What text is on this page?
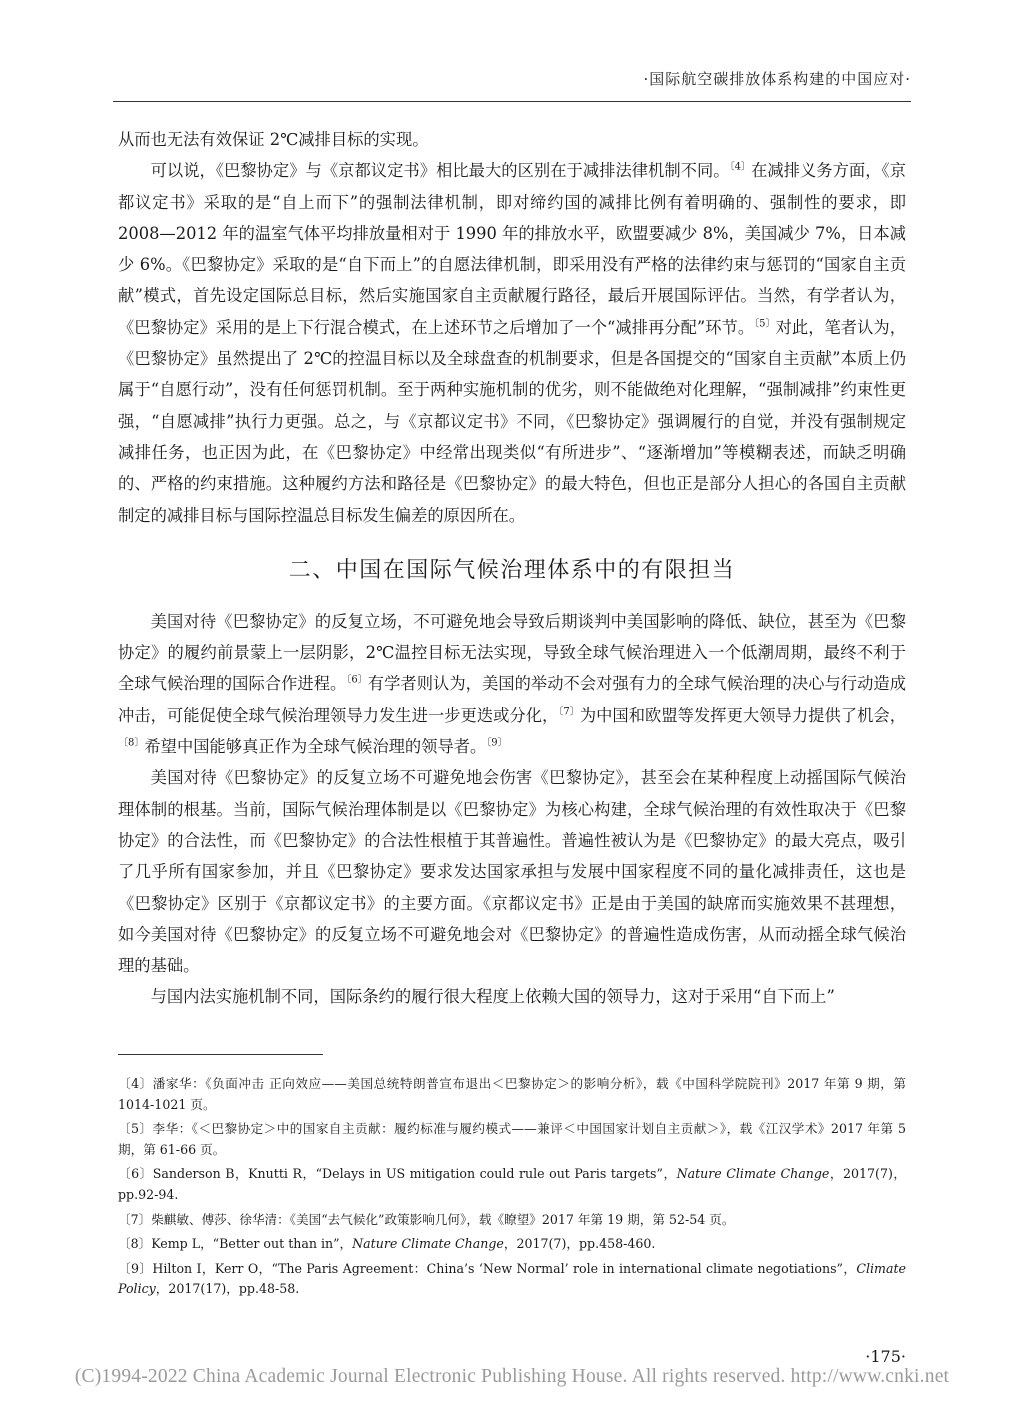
·国际航空碳排放体系构建的中国应对·

从而也无法有效保证 2℃减排目标的实现。

可以说，《巴黎协定》与《京都议定书》相比最大的区别在于减排法律机制不同。$^{〔4〕}$在减排义务方面，《京都议定书》采取的是“自上而下”的强制法律机制，即对缔约国的减排比例有着明确的、强制性的要求，即 2008—2012 年的温室气体平均排放量相对于 1990 年的排放水平，欧盟要减少 8%，美国减少 7%，日本减少 6%。《巴黎协定》采取的是“自下而上”的自愿法律机制，即采用没有严格的法律约束与惩罚的“国家自主贡献”模式，首先设定国际总目标，然后实施国家自主贡献履行路径，最后开展国际评估。当然，有学者认为，《巴黎协定》采用的是上下行混合模式，在上述环节之后增加了一个“减排再分配”环节。$^{〔5〕}$对此，笔者认为，《巴黎协定》虽然提出了 2℃的控温目标以及全球盘查的机制要求，但是各国提交的“国家自主贡献”本质上仍属于“自愿行动”，没有任何惩罚机制。至于两种实施机制的优劣，则不能做绝对化理解，“强制减排”约束性更强，“自愿减排”执行力更强。总之，与《京都议定书》不同，《巴黎协定》强调履行的自觉，并没有强制规定减排任务，也正因为此，在《巴黎协定》中经常出现类似“有所进步”、“逐渐增加”等模糊表述，而缺乏明确的、严格的约束措施。这种履约方法和路径是《巴黎协定》的最大特色，但也正是部分人担心的各国自主贡献制定的减排目标与国际控温总目标发生偏差的原因所在。

二、中国在国际气候治理体系中的有限担当

美国对待《巴黎协定》的反复立场，不可避免地会导致后期谈判中美国影响的降低、缺位，甚至为《巴黎协定》的履约前景蒙上一层阴影，2℃温控目标无法实现，导致全球气候治理进入一个低潮周期，最终不利于全球气候治理的国际合作进程。$^{〔6〕}$有学者则认为，美国的举动不会对强有力的全球气候治理的决心与行动造成冲击，可能促使全球气候治理领导力发生进一步更迭或分化，$^{〔7〕}$为中国和欧盟等发挥更大领导力提供了机会，$^{〔8〕}$希望中国能够真正作为全球气候治理的领导者。$^{〔9〕}$

美国对待《巴黎协定》的反复立场不可避免地会伤害《巴黎协定》，甚至会在某种程度上动摇国际气候治理体制的根基。当前，国际气候治理体制是以《巴黎协定》为核心构建，全球气候治理的有效性取决于《巴黎协定》的合法性，而《巴黎协定》的合法性根植于其普遍性。普遍性被认为是《巴黎协定》的最大亮点，吸引了几乎所有国家参加，并且《巴黎协定》要求发达国家承担与发展中国家程度不同的量化减排责任，这也是《巴黎协定》区别于《京都议定书》的主要方面。《京都议定书》正是由于美国的缺席而实施效果不甚理想，如今美国对待《巴黎协定》的反复立场不可避免地会对《巴黎协定》的普遍性造成伤害，从而动摇全球气候治理的基础。

与国内法实施机制不同，国际条约的履行很大程度上依赖大国的领导力，这对于采用“自下而上”

〔4〕潘家华：《负面冲击 正向效应——美国总统特朗普宣布退出＜巴黎协定＞的影响分析》，载《中国科学院院刊》2017 年第 9 期，第 1014-1021 页。
〔5〕李华：《＜巴黎协定＞中的国家自主贡献：履约标准与履约模式——兼评＜中国国家计划自主贡献＞》，载《江汉学术》2017 年第 5 期，第 61-66 页。
〔6〕Sanderson B，Knutti R，“Delays in US mitigation could rule out Paris targets”，Nature Climate Change，2017(7)，pp.92-94.
〔7〕柴麒敏、傅莎、徐华清：《美国“去气候化”政策影响几何》，载《瞭望》2017 年第 19 期，第 52-54 页。
〔8〕Kemp L，“Better out than in”，Nature Climate Change，2017(7)，pp.458-460.
〔9〕Hilton I，Kerr O，“The Paris Agreement：China’s ‘New Normal’ role in international climate negotiations”，Climate Policy，2017(17)，pp.48-58.
·175·
(C)1994-2022 China Academic Journal Electronic Publishing House. All rights reserved. http://www.cnki.net
